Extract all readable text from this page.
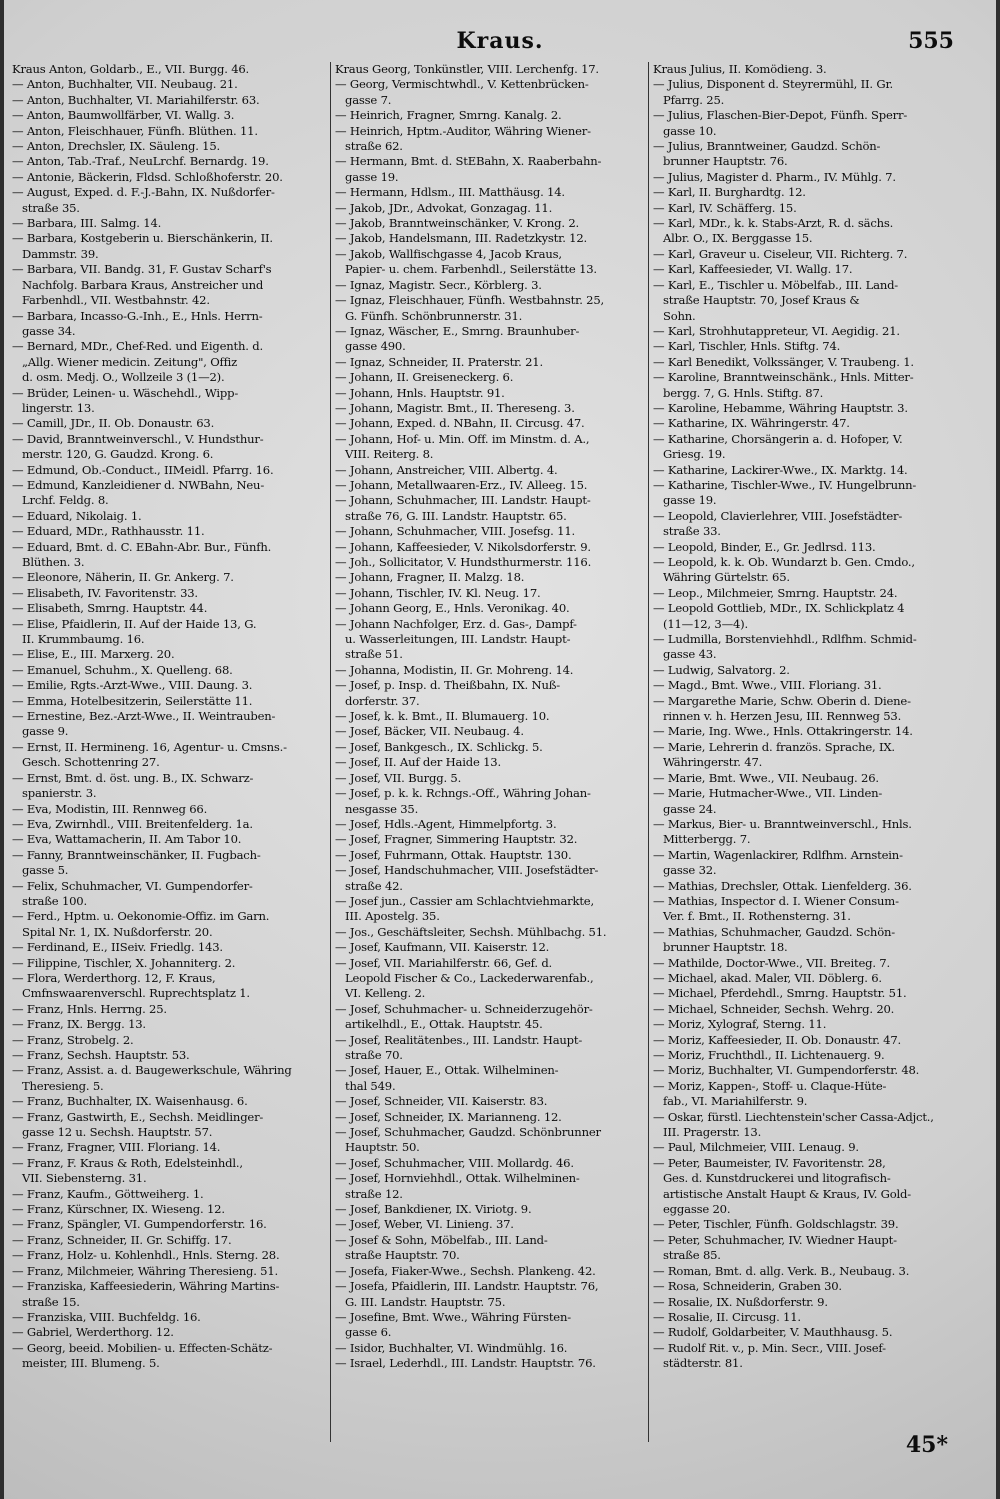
Kraus.	555

Kraus Anton, Goldarb., E., VII. Burgg. 46.

— Anton, Buchhalter, VII. Neubaug. 21.

— Anton, Buchhalter, VI. Mariahilferstr. 63.

— Anton, Baumwollfärber, VI. Wallg. 3.

— Anton, Fleischhauer, Fünfh. Blüthen. 11.

— Anton, Drechsler, IX. Säuleng. 15.

— Anton, Tab.-Traf., NeuLrchf. Bernardg. 19.

— Antonie, Bäckerin, Fldsd. Schloßhoferstr. 20.

— August, Exped. d. F.-J.-Bahn, IX. Nußdorfer-

straße 35.

— Barbara, III. Salmg. 14.

— Barbara, Kostgeberin u. Bierschänkerin, II.

Dammstr. 39.

— Barbara, VII. Bandg. 31, F. Gustav Scharf's

Nachfolg. Barbara Kraus, Anstreicher und

Farbenhdl., VII. Westbahnstr. 42.

— Barbara, Incasso-G.-Inh., E., Hnls. Herrn-

gasse 34.

— Bernard, MDr., Chef-Red. und Eigenth. d.

„Allg. Wiener medicin. Zeitung", Offiz

d. osm. Medj. O., Wollzeile 3 (1—2).

— Brüder, Leinen- u. Wäschehdl., Wipp-

lingerstr. 13.

— Camill, JDr., II. Ob. Donaustr. 63.

— David, Branntweinverschl., V. Hundsthur-

merstr. 120, G. Gaudzd. Krong. 6.

— Edmund, Ob.-Conduct., IIMeidl. Pfarrg. 16.

— Edmund, Kanzleidiener d. NWBahn, Neu-

Lrchf. Feldg. 8.

— Eduard, Nikolaig. 1.

— Eduard, MDr., Rathhausstr. 11.

— Eduard, Bmt. d. C. EBahn-Abr. Bur., Fünfh.

Blüthen. 3.

— Eleonore, Näherin, II. Gr. Ankerg. 7.

— Elisabeth, IV. Favoritenstr. 33.

— Elisabeth, Smrng. Hauptstr. 44.

— Elise, Pfaidlerin, II. Auf der Haide 13, G.

II. Krummbaumg. 16.

— Elise, E., III. Marxerg. 20.

— Emanuel, Schuhm., X. Quelleng. 68.

— Emilie, Rgts.-Arzt-Wwe., VIII. Daung. 3.

— Emma, Hotelbesitzerin, Seilerstätte 11.

— Ernestine, Bez.-Arzt-Wwe., II. Weintrauben-

gasse 9.

— Ernst, II. Hermineng. 16, Agentur- u. Cmsns.-

Gesch. Schottenring 27.

— Ernst, Bmt. d. öst. ung. B., IX. Schwarz-

spanierstr. 3.

— Eva, Modistin, III. Rennweg 66.

— Eva, Zwirnhdl., VIII. Breitenfelderg. 1a.

— Eva, Wattamacherin, II. Am Tabor 10.

— Fanny, Branntweinschänker, II. Fugbach-

gasse 5.

— Felix, Schuhmacher, VI. Gumpendorfer-

straße 100.

— Ferd., Hptm. u. Oekonomie-Offiz. im Garn.

Spital Nr. 1, IX. Nußdorferstr. 20.

— Ferdinand, E., IISeiv. Friedlg. 143.

— Filippine, Tischler, X. Johanniterg. 2.

— Flora, Werderthorg. 12, F. Kraus,

Cmfnswaarenverschl. Ruprechtsplatz 1.

— Franz, Hnls. Herrng. 25.

— Franz, IX. Bergg. 13.

— Franz, Strobelg. 2.

— Franz, Sechsh. Hauptstr. 53.

— Franz, Assist. a. d. Baugewerkschule, Währing

Theresieng. 5.

— Franz, Buchhalter, IX. Waisenhausg. 6.

— Franz, Gastwirth, E., Sechsh. Meidlinger-

gasse 12 u. Sechsh. Hauptstr. 57.

— Franz, Fragner, VIII. Floriang. 14.

— Franz, F. Kraus & Roth, Edelsteinhdl.,

VII. Siebensterng. 31.

— Franz, Kaufm., Göttweiherg. 1.

— Franz, Kürschner, IX. Wieseng. 12.

— Franz, Spängler, VI. Gumpendorferstr. 16.

— Franz, Schneider, II. Gr. Schiffg. 17.

— Franz, Holz- u. Kohlenhdl., Hnls. Sterng. 28.

— Franz, Milchmeier, Währing Theresieng. 51.

— Franziska, Kaffeesiederin, Währing Martins-

straße 15.

— Franziska, VIII. Buchfeldg. 16.

— Gabriel, Werderthorg. 12.

— Georg, beeid. Mobilien- u. Effecten-Schätz-

meister, III. Blumeng. 5.

Kraus Georg, Tonkünstler, VIII. Lerchenfg. 17.

— Georg, Vermischtwhdl., V. Kettenbrücken-

gasse 7.

— Heinrich, Fragner, Smrng. Kanalg. 2.

— Heinrich, Hptm.-Auditor, Währing Wiener-

straße 62.

— Hermann, Bmt. d. StEBahn, X. Raaberbahn-

gasse 19.

— Hermann, Hdlsm., III. Matthäusg. 14.

— Jakob, JDr., Advokat, Gonzagag. 11.

— Jakob, Branntweinschänker, V. Krong. 2.

— Jakob, Handelsmann, III. Radetzkystr. 12.

— Jakob, Wallfischgasse 4, Jacob Kraus,

Papier- u. chem. Farbenhdl., Seilerstätte 13.

— Ignaz, Magistr. Secr., Körblerg. 3.

— Ignaz, Fleischhauer, Fünfh. Westbahnstr. 25,

G. Fünfh. Schönbrunnerstr. 31.

— Ignaz, Wäscher, E., Smrng. Braunhuber-

gasse 490.

— Ignaz, Schneider, II. Praterstr. 21.

— Johann, II. Greiseneckerg. 6.

— Johann, Hnls. Hauptstr. 91.

— Johann, Magistr. Bmt., II. Thereseng. 3.

— Johann, Exped. d. NBahn, II. Circusg. 47.

— Johann, Hof- u. Min. Off. im Minstm. d. A.,

VIII. Reiterg. 8.

— Johann, Anstreicher, VIII. Albertg. 4.

— Johann, Metallwaaren-Erz., IV. Alleeg. 15.

— Johann, Schuhmacher, III. Landstr. Haupt-

straße 76, G. III. Landstr. Hauptstr. 65.

— Johann, Schuhmacher, VIII. Josefsg. 11.

— Johann, Kaffeesieder, V. Nikolsdorferstr. 9.

— Joh., Sollicitator, V. Hundsthurmerstr. 116.

— Johann, Fragner, II. Malzg. 18.

— Johann, Tischler, IV. Kl. Neug. 17.

— Johann Georg, E., Hnls. Veronikag. 40.

— Johann Nachfolger, Erz. d. Gas-, Dampf-

u. Wasserleitungen, III. Landstr. Haupt-

straße 51.

— Johanna, Modistin, II. Gr. Mohreng. 14.

— Josef, p. Insp. d. Theißbahn, IX. Nuß-

dorferstr. 37.

— Josef, k. k. Bmt., II. Blumauerg. 10.

— Josef, Bäcker, VII. Neubaug. 4.

— Josef, Bankgesch., IX. Schlickg. 5.

— Josef, II. Auf der Haide 13.

— Josef, VII. Burgg. 5.

— Josef, p. k. k. Rchngs.-Off., Währing Johan-

nesgasse 35.

— Josef, Hdls.-Agent, Himmelpfortg. 3.

— Josef, Fragner, Simmering Hauptstr. 32.

— Josef, Fuhrmann, Ottak. Hauptstr. 130.

— Josef, Handschuhmacher, VIII. Josefstädter-

straße 42.

— Josef jun., Cassier am Schlachtviehmarkte,

III. Apostelg. 35.

— Jos., Geschäftsleiter, Sechsh. Mühlbachg. 51.

— Josef, Kaufmann, VII. Kaiserstr. 12.

— Josef, VII. Mariahilferstr. 66, Gef. d.

Leopold Fischer & Co., Lackederwarenfab.,

VI. Kelleng. 2.

— Josef, Schuhmacher- u. Schneiderzugehör-

artikelhdl., E., Ottak. Hauptstr. 45.

— Josef, Realitätenbes., III. Landstr. Haupt-

straße 70.

— Josef, Hauer, E., Ottak. Wilhelminen-

thal 549.

— Josef, Schneider, VII. Kaiserstr. 83.

— Josef, Schneider, IX. Marianneng. 12.

— Josef, Schuhmacher, Gaudzd. Schönbrunner

Hauptstr. 50.

— Josef, Schuhmacher, VIII. Mollardg. 46.

— Josef, Hornviehhdl., Ottak. Wilhelminen-

straße 12.

— Josef, Bankdiener, IX. Viriotg. 9.

— Josef, Weber, VI. Linieng. 37.

— Josef & Sohn, Möbelfab., III. Land-

straße Hauptstr. 70.

— Josefa, Fiaker-Wwe., Sechsh. Plankeng. 42.

— Josefa, Pfaidlerin, III. Landstr. Hauptstr. 76,

G. III. Landstr. Hauptstr. 75.

— Josefine, Bmt. Wwe., Währing Fürsten-

gasse 6.

— Isidor, Buchhalter, VI. Windmühlg. 16.

— Israel, Lederhdl., III. Landstr. Hauptstr. 76.

Kraus Julius, II. Komödieng. 3.

— Julius, Disponent d. Steyrermühl, II. Gr.

Pfarrg. 25.

— Julius, Flaschen-Bier-Depot, Fünfh. Sperr-

gasse 10.

— Julius, Branntweiner, Gaudzd. Schön-

brunner Hauptstr. 76.

— Julius, Magister d. Pharm., IV. Mühlg. 7.

— Karl, II. Burghardtg. 12.

— Karl, IV. Schäfferg. 15.

— Karl, MDr., k. k. Stabs-Arzt, R. d. sächs.

Albr. O., IX. Berggasse 15.

— Karl, Graveur u. Ciseleur, VII. Richterg. 7.

— Karl, Kaffeesieder, VI. Wallg. 17.

— Karl, E., Tischler u. Möbelfab., III. Land-

straße Hauptstr. 70, Josef Kraus &

Sohn.

— Karl, Strohhutappreteur, VI. Aegidig. 21.

— Karl, Tischler, Hnls. Stiftg. 74.

— Karl Benedikt, Volkssänger, V. Traubeng. 1.

— Karoline, Branntweinschänk., Hnls. Mitter-

bergg. 7, G. Hnls. Stiftg. 87.

— Karoline, Hebamme, Währing Hauptstr. 3.

— Katharine, IX. Währingerstr. 47.

— Katharine, Chorsängerin a. d. Hofoper, V.

Griesg. 19.

— Katharine, Lackirer-Wwe., IX. Marktg. 14.

— Katharine, Tischler-Wwe., IV. Hungelbrunn-

gasse 19.

— Leopold, Clavierlehrer, VIII. Josefstädter-

straße 33.

— Leopold, Binder, E., Gr. Jedlrsd. 113.

— Leopold, k. k. Ob. Wundarzt b. Gen. Cmdo.,

Währing Gürtelstr. 65.

— Leop., Milchmeier, Smrng. Hauptstr. 24.

— Leopold Gottlieb, MDr., IX. Schlickplatz 4

(11—12, 3—4).

— Ludmilla, Borstenviehhdl., Rdlfhm. Schmid-

gasse 43.

— Ludwig, Salvatorg. 2.

— Magd., Bmt. Wwe., VIII. Floriang. 31.

— Margarethe Marie, Schw. Oberin d. Diene-

rinnen v. h. Herzen Jesu, III. Rennweg 53.

— Marie, Ing. Wwe., Hnls. Ottakringerstr. 14.

— Marie, Lehrerin d. französ. Sprache, IX.

Währingerstr. 47.

— Marie, Bmt. Wwe., VII. Neubaug. 26.

— Marie, Hutmacher-Wwe., VII. Linden-

gasse 24.

— Markus, Bier- u. Branntweinverschl., Hnls.

Mitterbergg. 7.

— Martin, Wagenlackirer, Rdlfhm. Arnstein-

gasse 32.

— Mathias, Drechsler, Ottak. Lienfelderg. 36.

— Mathias, Inspector d. I. Wiener Consum-

Ver. f. Bmt., II. Rothensterng. 31.

— Mathias, Schuhmacher, Gaudzd. Schön-

brunner Hauptstr. 18.

— Mathilde, Doctor-Wwe., VII. Breiteg. 7.

— Michael, akad. Maler, VII. Döblerg. 6.

— Michael, Pferdehdl., Smrng. Hauptstr. 51.

— Michael, Schneider, Sechsh. Wehrg. 20.

— Moriz, Xylograf, Sterng. 11.

— Moriz, Kaffeesieder, II. Ob. Donaustr. 47.

— Moriz, Fruchthdl., II. Lichtenauerg. 9.

— Moriz, Buchhalter, VI. Gumpendorferstr. 48.

— Moriz, Kappen-, Stoff- u. Claque-Hüte-

fab., VI. Mariahilferstr. 9.

— Oskar, fürstl. Liechtenstein'scher Cassa-Adjct.,

III. Pragerstr. 13.

— Paul, Milchmeier, VIII. Lenaug. 9.

— Peter, Baumeister, IV. Favoritenstr. 28,

Ges. d. Kunstdruckerei und litografisch-

artistische Anstalt Haupt & Kraus, IV. Gold-

eggasse 20.

— Peter, Tischler, Fünfh. Goldschlagstr. 39.

— Peter, Schuhmacher, IV. Wiedner Haupt-

straße 85.

— Roman, Bmt. d. allg. Verk. B., Neubaug. 3.

— Rosa, Schneiderin, Graben 30.

— Rosalie, IX. Nußdorferstr. 9.

— Rosalie, II. Circusg. 11.

— Rudolf, Goldarbeiter, V. Mauthhausg. 5.

— Rudolf Rit. v., p. Min. Secr., VIII. Josef-

städterstr. 81.

45*
